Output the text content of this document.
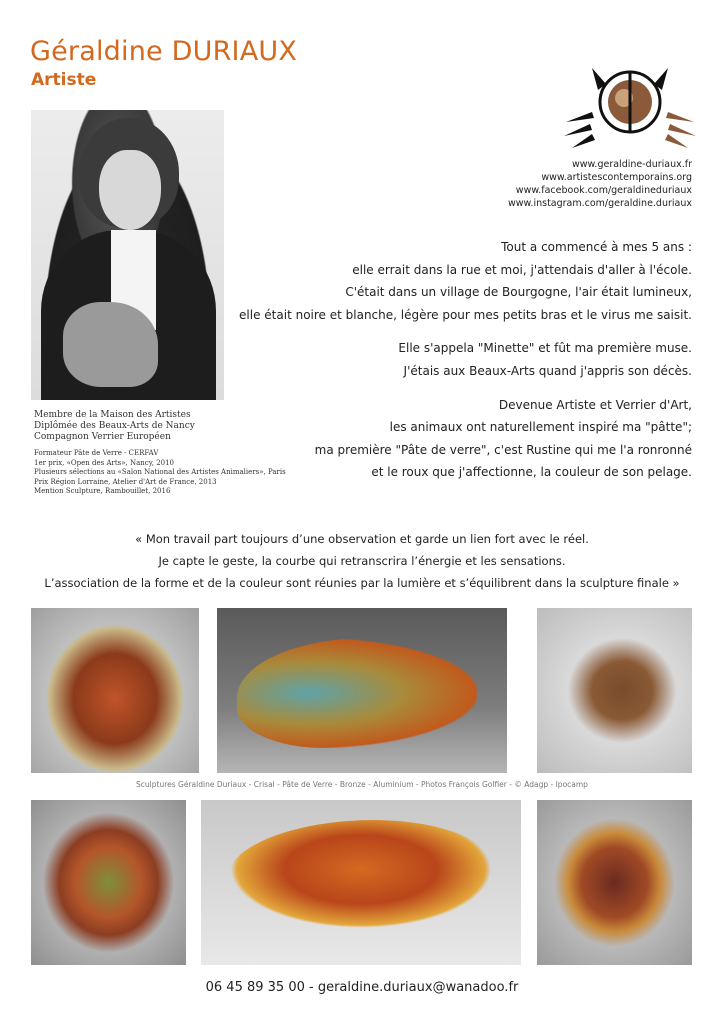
Géraldine DURIAUX
Artiste
www.geraldine-duriaux.fr
www.artistescontemporains.org
www.facebook.com/geraldineduriaux
www.instagram.com/geraldine.duriaux

Tout a commencé à mes 5 ans :
elle errait dans la rue et moi, j'attendais d'aller à l'école.
C'était dans un village de Bourgogne, l'air était lumineux,
elle était noire et blanche, légère pour mes petits bras et le virus me saisit.

Elle s'appela "Minette" et fût ma première muse.
J'étais aux Beaux-Arts quand j'appris son décès.

Devenue Artiste et Verrier d'Art,
les animaux ont naturellement inspiré ma "pâtte";
ma première "Pâte de verre", c'est Rustine qui me l'a ronronné
et le roux que j'affectionne, la couleur de son pelage.

Membre de la Maison des Artistes
Diplômée des Beaux-Arts de Nancy
Compagnon Verrier Européen
Formateur Pâte de Verre - CERFAV
1er prix, «Open des Arts», Nancy, 2010
Plusieurs sélections au «Salon National des Artistes Animaliers», Paris
Prix Région Lorraine, Atelier d'Art de France, 2013
Mention Sculpture, Rambouillet, 2016
« Mon travail part toujours d’une observation et garde un lien fort avec le réel.
Je capte le geste, la courbe qui retranscrira l’énergie et les sensations.
L’association de la forme et de la couleur sont réunies par la lumière et s’équilibrent dans la sculpture finale »
Sculptures Géraldine Duriaux - Crisal - Pâte de Verre - Bronze - Aluminium - Photos François Golfier - © Adagp - Ipocamp
06 45 89 35 00 - geraldine.duriaux@wanadoo.fr
